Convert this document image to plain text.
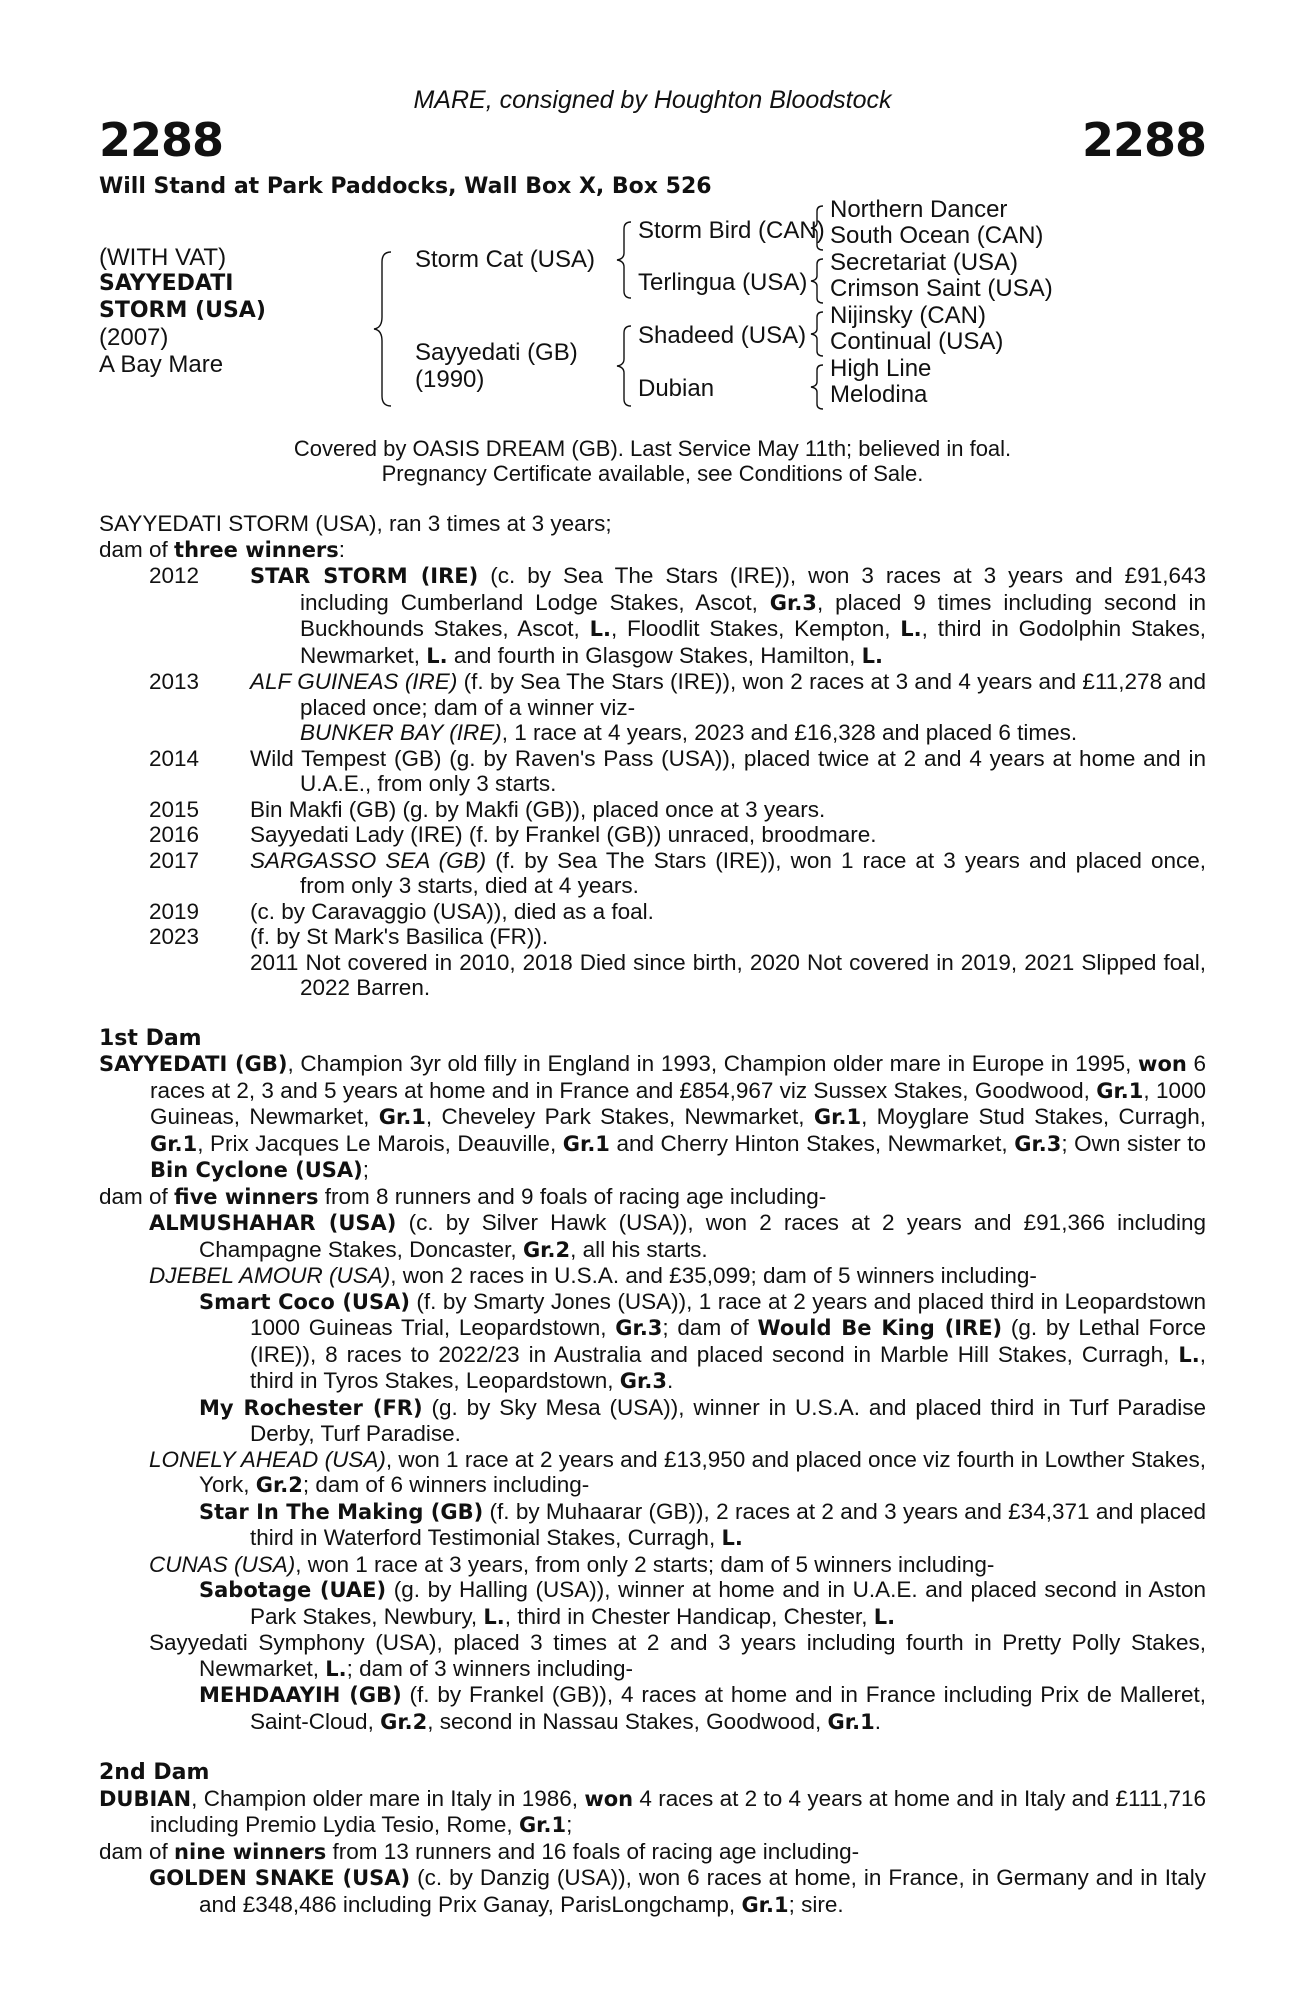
MARE, consigned by Houghton Bloodstock
2288	2288
Will Stand at Park Paddocks, Wall Box X, Box 526
(WITH VAT)
SAYYEDATI
STORM (USA)
(2007)
A Bay Mare
Storm Cat (USA)
Sayyedati (GB)
(1990)
Storm Bird (CAN)
Terlingua (USA)
Shadeed (USA)
Dubian
Northern Dancer
South Ocean (CAN)
Secretariat (USA)
Crimson Saint (USA)
Nijinsky (CAN)
Continual (USA)
High Line
Melodina
Covered by OASIS DREAM (GB). Last Service May 11th; believed in foal.
Pregnancy Certificate available, see Conditions of Sale.

SAYYEDATI STORM (USA), ran 3 times at 3 years;

dam of three winners:

2012	STAR STORM (IRE) (c. by Sea The Stars (IRE)), won 3 races at 3 years and £91,643 including Cumberland Lodge Stakes, Ascot, Gr.3, placed 9 times including second in Buckhounds Stakes, Ascot, L., Floodlit Stakes, Kempton, L., third in Godolphin Stakes, Newmarket, L. and fourth in Glasgow Stakes, Hamilton, L.
2013	ALF GUINEAS (IRE) (f. by Sea The Stars (IRE)), won 2 races at 3 and 4 years and £11,278 and placed once; dam of a winner viz-
BUNKER BAY (IRE), 1 race at 4 years, 2023 and £16,328 and placed 6 times.
2014	Wild Tempest (GB) (g. by Raven's Pass (USA)), placed twice at 2 and 4 years at home and in U.A.E., from only 3 starts.
2015	Bin Makfi (GB) (g. by Makfi (GB)), placed once at 3 years.
2016	Sayyedati Lady (IRE) (f. by Frankel (GB)) unraced, broodmare.
2017	SARGASSO SEA (GB) (f. by Sea The Stars (IRE)), won 1 race at 3 years and placed once, from only 3 starts, died at 4 years.
2019	(c. by Caravaggio (USA)), died as a foal.
2023	(f. by St Mark's Basilica (FR)).
2011 Not covered in 2010, 2018 Died since birth, 2020 Not covered in 2019, 2021 Slipped foal, 2022 Barren.

1st Dam

SAYYEDATI (GB), Champion 3yr old filly in England in 1993, Champion older mare in Europe in 1995, won 6 races at 2, 3 and 5 years at home and in France and £854,967 viz Sussex Stakes, Goodwood, Gr.1, 1000 Guineas, Newmarket, Gr.1, Cheveley Park Stakes, Newmarket, Gr.1, Moyglare Stud Stakes, Curragh, Gr.1, Prix Jacques Le Marois, Deauville, Gr.1 and Cherry Hinton Stakes, Newmarket, Gr.3; Own sister to Bin Cyclone (USA);

dam of five winners from 8 runners and 9 foals of racing age including-

ALMUSHAHAR (USA) (c. by Silver Hawk (USA)), won 2 races at 2 years and £91,366 including Champagne Stakes, Doncaster, Gr.2, all his starts.

DJEBEL AMOUR (USA), won 2 races in U.S.A. and £35,099; dam of 5 winners including-

Smart Coco (USA) (f. by Smarty Jones (USA)), 1 race at 2 years and placed third in Leopardstown 1000 Guineas Trial, Leopardstown, Gr.3; dam of Would Be King (IRE) (g. by Lethal Force (IRE)), 8 races to 2022/23 in Australia and placed second in Marble Hill Stakes, Curragh, L., third in Tyros Stakes, Leopardstown, Gr.3.

My Rochester (FR) (g. by Sky Mesa (USA)), winner in U.S.A. and placed third in Turf Paradise Derby, Turf Paradise.

LONELY AHEAD (USA), won 1 race at 2 years and £13,950 and placed once viz fourth in Lowther Stakes, York, Gr.2; dam of 6 winners including-

Star In The Making (GB) (f. by Muhaarar (GB)), 2 races at 2 and 3 years and £34,371 and placed third in Waterford Testimonial Stakes, Curragh, L.

CUNAS (USA), won 1 race at 3 years, from only 2 starts; dam of 5 winners including-

Sabotage (UAE) (g. by Halling (USA)), winner at home and in U.A.E. and placed second in Aston Park Stakes, Newbury, L., third in Chester Handicap, Chester, L.

Sayyedati Symphony (USA), placed 3 times at 2 and 3 years including fourth in Pretty Polly Stakes, Newmarket, L.; dam of 3 winners including-

MEHDAAYIH (GB) (f. by Frankel (GB)), 4 races at home and in France including Prix de Malleret, Saint-Cloud, Gr.2, second in Nassau Stakes, Goodwood, Gr.1.

2nd Dam

DUBIAN, Champion older mare in Italy in 1986, won 4 races at 2 to 4 years at home and in Italy and £111,716 including Premio Lydia Tesio, Rome, Gr.1;

dam of nine winners from 13 runners and 16 foals of racing age including-

GOLDEN SNAKE (USA) (c. by Danzig (USA)), won 6 races at home, in France, in Germany and in Italy and £348,486 including Prix Ganay, ParisLongchamp, Gr.1; sire.
